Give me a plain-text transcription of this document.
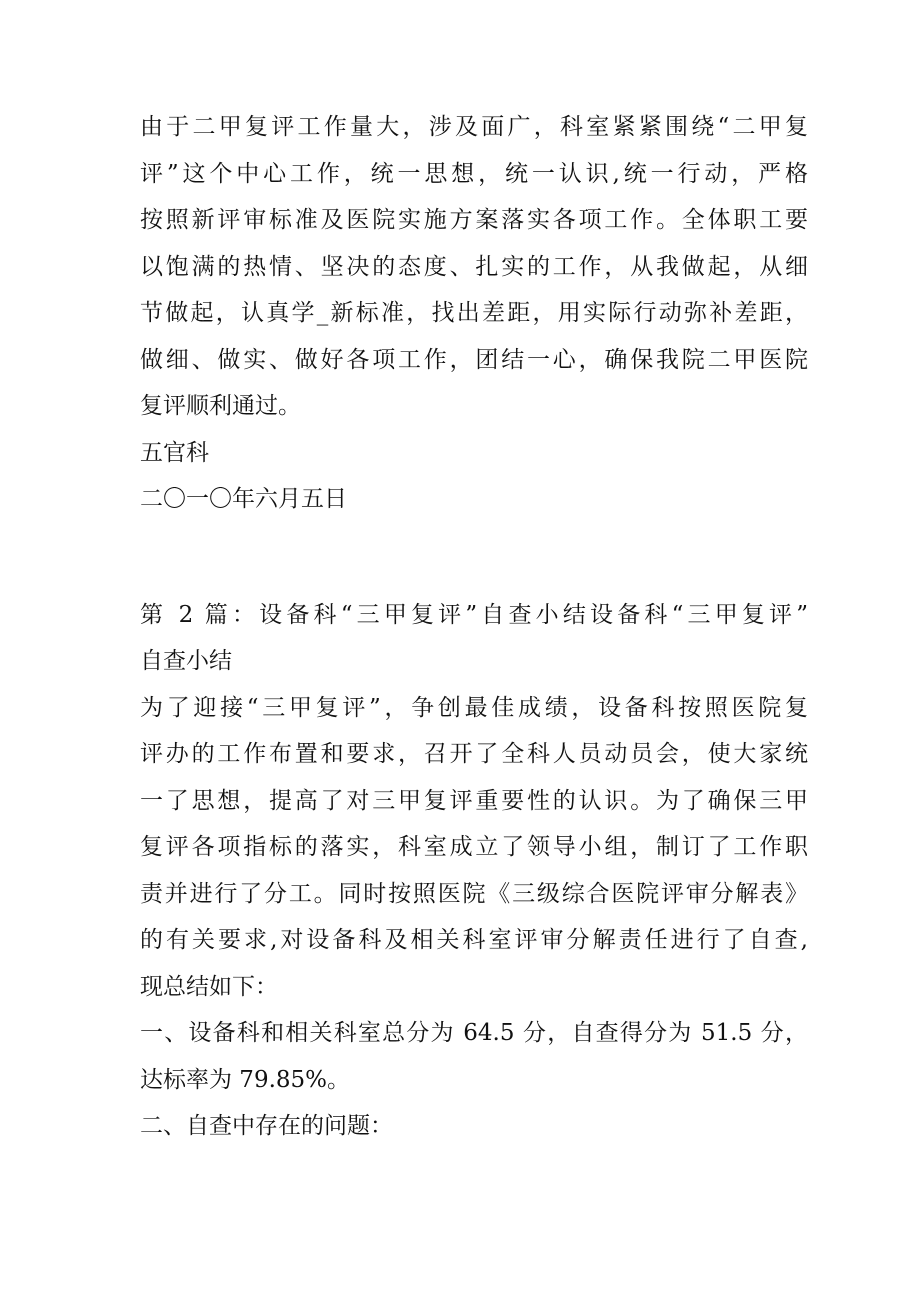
由于二甲复评工作量大，涉及面广，科室紧紧围绕“二甲复
评”这个中心工作，统一思想，统一认识,统一行动，严格
按照新评审标准及医院实施方案落实各项工作。全体职工要
以饱满的热情、坚决的态度、扎实的工作，从我做起，从细
节做起，认真学_新标准，找出差距，用实际行动弥补差距，
做细、做实、做好各项工作，团结一心，确保我院二甲医院
复评顺利通过。
五官科
二〇一〇年六月五日
第 2 篇：设备科“三甲复评”自查小结设备科“三甲复评”
自查小结
为了迎接“三甲复评”，争创最佳成绩，设备科按照医院复
评办的工作布置和要求，召开了全科人员动员会，使大家统
一了思想，提高了对三甲复评重要性的认识。为了确保三甲
复评各项指标的落实，科室成立了领导小组，制订了工作职
责并进行了分工。同时按照医院《三级综合医院评审分解表》
的有关要求,对设备科及相关科室评审分解责任进行了自查,
现总结如下：
一、设备科和相关科室总分为 64.5 分，自查得分为 51.5 分，
达标率为 79.85%。
二、自查中存在的问题：
